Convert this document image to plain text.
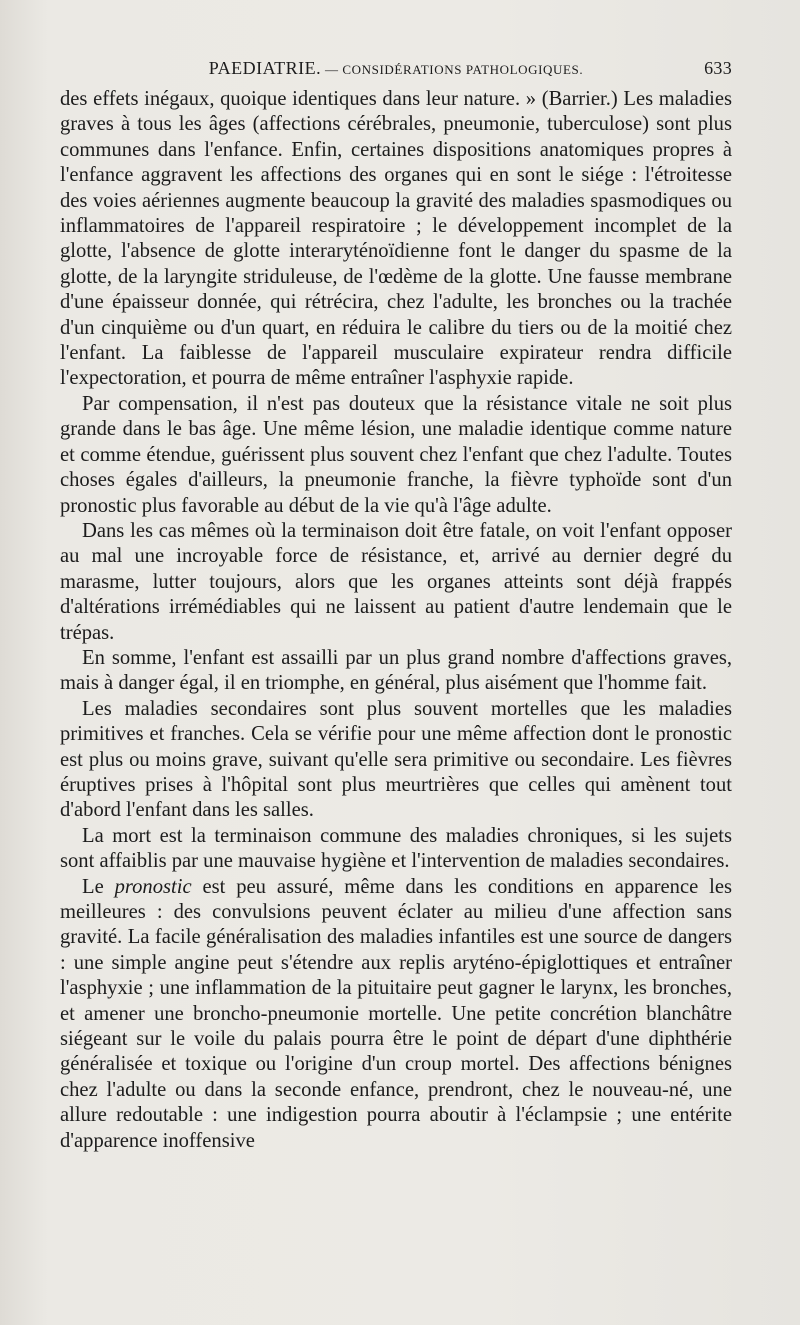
PAEDIATRIE. — CONSIDÉRATIONS PATHOLOGIQUES.	633

des effets inégaux, quoique identiques dans leur nature. » (Barrier.) Les maladies graves à tous les âges (affections cérébrales, pneumonie, tuberculose) sont plus communes dans l'enfance. Enfin, certaines dispositions anatomiques propres à l'enfance aggravent les affections des organes qui en sont le siége : l'étroitesse des voies aériennes augmente beaucoup la gravité des maladies spasmodiques ou inflammatoires de l'appareil respiratoire ; le développement incomplet de la glotte, l'absence de glotte interaryténoïdienne font le danger du spasme de la glotte, de la laryngite striduleuse, de l'œdème de la glotte. Une fausse membrane d'une épaisseur donnée, qui rétrécira, chez l'adulte, les bronches ou la trachée d'un cinquième ou d'un quart, en réduira le calibre du tiers ou de la moitié chez l'enfant. La faiblesse de l'appareil musculaire expirateur rendra difficile l'expectoration, et pourra de même entraîner l'asphyxie rapide.

Par compensation, il n'est pas douteux que la résistance vitale ne soit plus grande dans le bas âge. Une même lésion, une maladie identique comme nature et comme étendue, guérissent plus souvent chez l'enfant que chez l'adulte. Toutes choses égales d'ailleurs, la pneumonie franche, la fièvre typhoïde sont d'un pronostic plus favorable au début de la vie qu'à l'âge adulte.

Dans les cas mêmes où la terminaison doit être fatale, on voit l'enfant opposer au mal une incroyable force de résistance, et, arrivé au dernier degré du marasme, lutter toujours, alors que les organes atteints sont déjà frappés d'altérations irrémédiables qui ne laissent au patient d'autre lendemain que le trépas.

En somme, l'enfant est assailli par un plus grand nombre d'affections graves, mais à danger égal, il en triomphe, en général, plus aisément que l'homme fait.

Les maladies secondaires sont plus souvent mortelles que les maladies primitives et franches. Cela se vérifie pour une même affection dont le pronostic est plus ou moins grave, suivant qu'elle sera primitive ou secondaire. Les fièvres éruptives prises à l'hôpital sont plus meurtrières que celles qui amènent tout d'abord l'enfant dans les salles.

La mort est la terminaison commune des maladies chroniques, si les sujets sont affaiblis par une mauvaise hygiène et l'intervention de maladies secondaires.

Le pronostic est peu assuré, même dans les conditions en apparence les meilleures : des convulsions peuvent éclater au milieu d'une affection sans gravité. La facile généralisation des maladies infantiles est une source de dangers : une simple angine peut s'étendre aux replis aryténo-épiglottiques et entraîner l'asphyxie ; une inflammation de la pituitaire peut gagner le larynx, les bronches, et amener une broncho-pneumonie mortelle. Une petite concrétion blanchâtre siégeant sur le voile du palais pourra être le point de départ d'une diphthérie généralisée et toxique ou l'origine d'un croup mortel. Des affections bénignes chez l'adulte ou dans la seconde enfance, prendront, chez le nouveau-né, une allure redoutable : une indigestion pourra aboutir à l'éclampsie ; une entérite d'apparence inoffensive
